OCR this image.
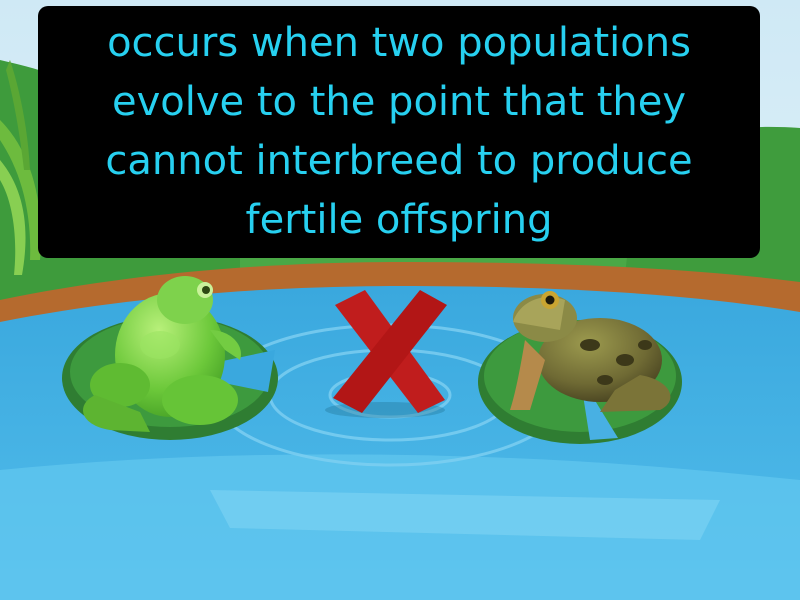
occurs when two populations evolve to the point that they cannot interbreed to produce fertile offspring
